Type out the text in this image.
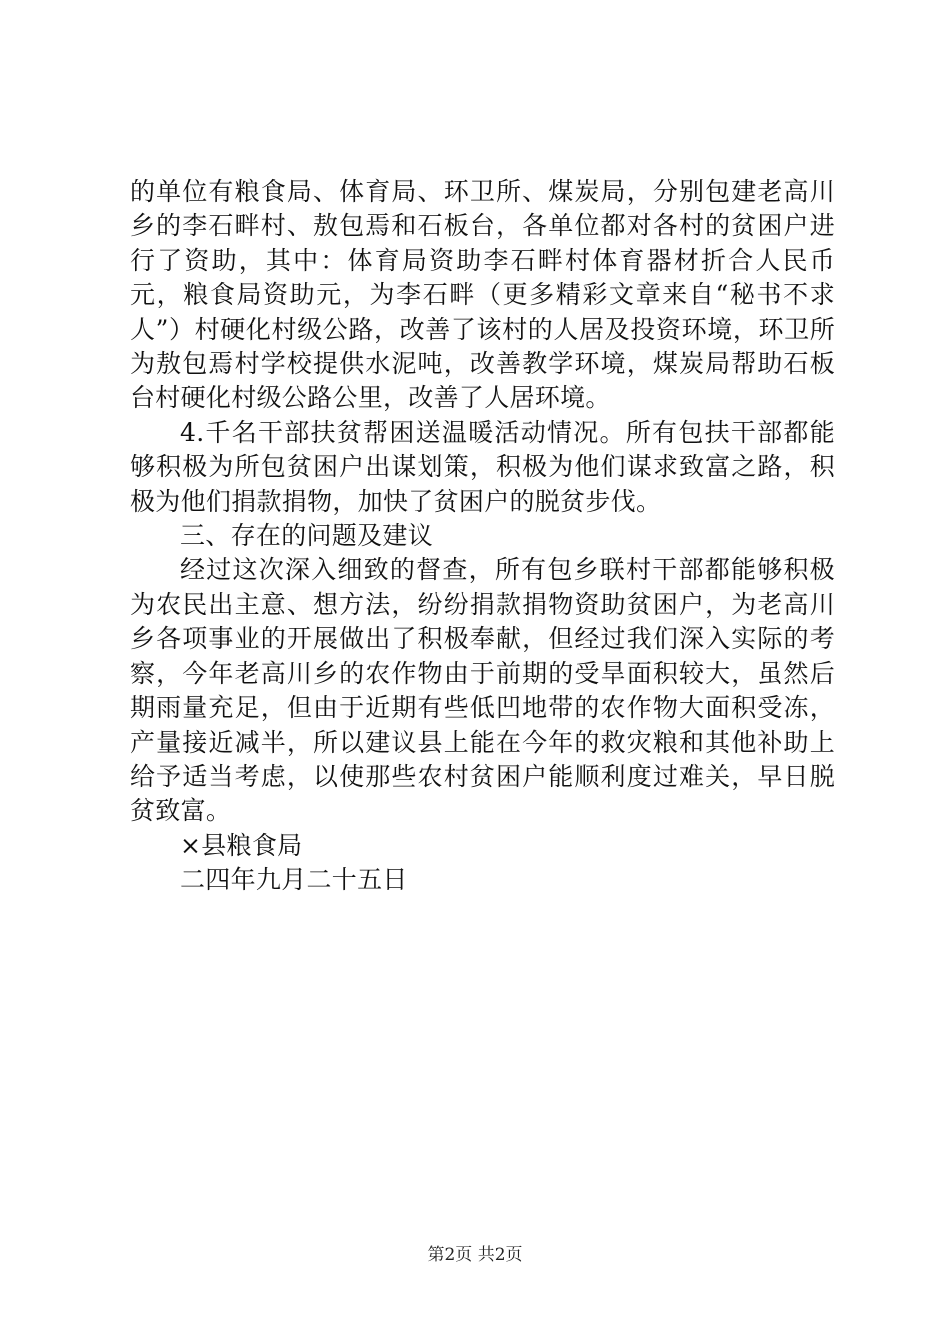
的单位有粮食局、体育局、环卫所、煤炭局，分别包建老高川乡的李石畔村、敖包焉和石板台，各单位都对各村的贫困户进行了资助，其中：体育局资助李石畔村体育器材折合人民币元，粮食局资助元，为李石畔（更多精彩文章来自“秘书不求人”）村硬化村级公路，改善了该村的人居及投资环境，环卫所为敖包焉村学校提供水泥吨，改善教学环境，煤炭局帮助石板台村硬化村级公路公里，改善了人居环境。

4.千名干部扶贫帮困送温暖活动情况。所有包扶干部都能够积极为所包贫困户出谋划策，积极为他们谋求致富之路，积极为他们捐款捐物，加快了贫困户的脱贫步伐。

三、存在的问题及建议

经过这次深入细致的督查，所有包乡联村干部都能够积极为农民出主意、想方法，纷纷捐款捐物资助贫困户，为老高川乡各项事业的开展做出了积极奉献，但经过我们深入实际的考察，今年老高川乡的农作物由于前期的受旱面积较大，虽然后期雨量充足，但由于近期有些低凹地带的农作物大面积受冻，产量接近减半，所以建议县上能在今年的救灾粮和其他补助上给予适当考虑，以使那些农村贫困户能顺利度过难关，早日脱贫致富。

×县粮食局

二四年九月二十五日

第2页 共2页
